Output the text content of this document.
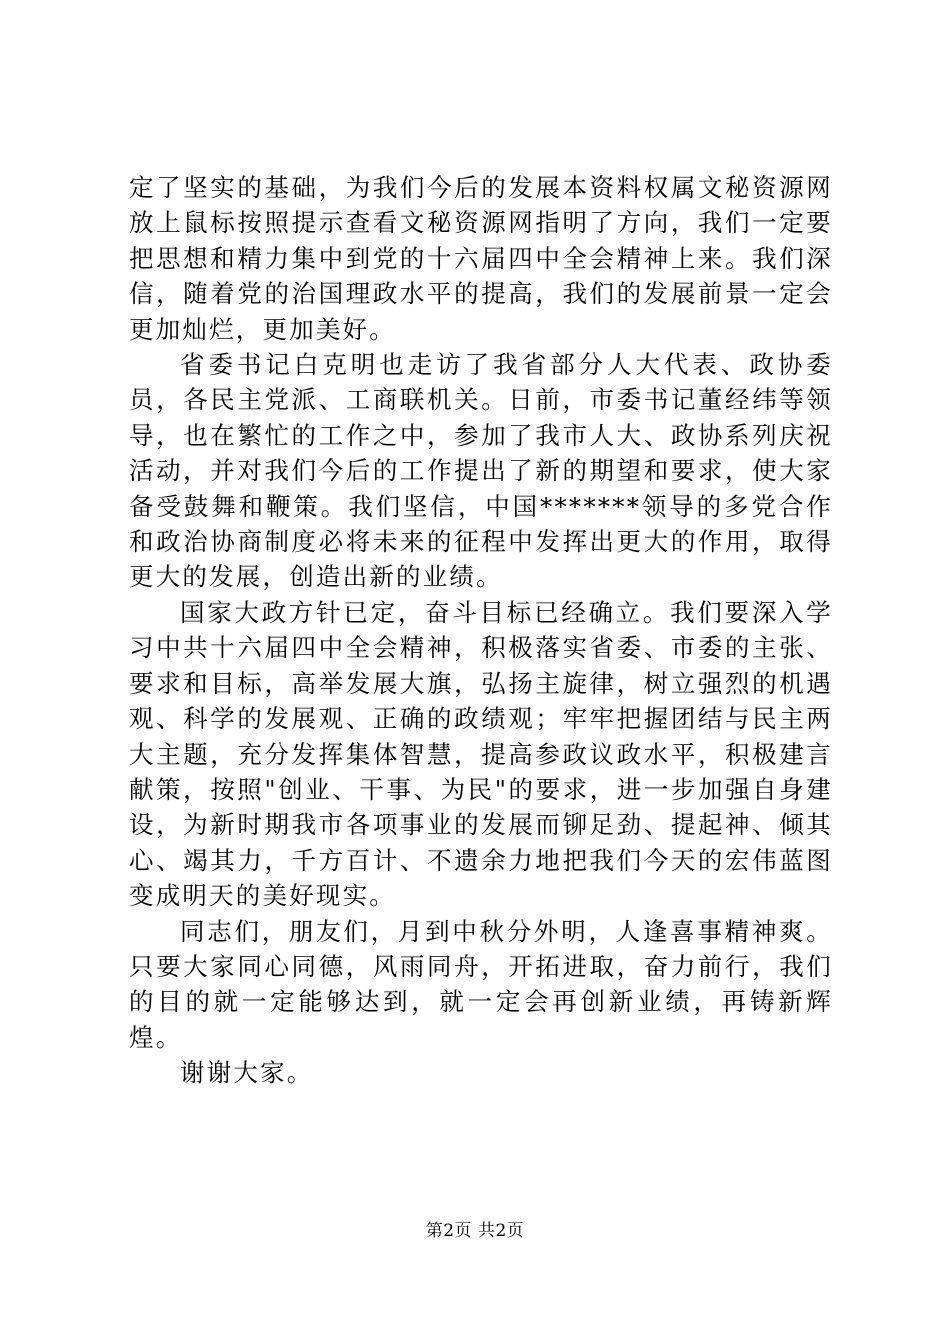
定了坚实的基础，为我们今后的发展本资料权属文秘资源网放上鼠标按照提示查看文秘资源网指明了方向，我们一定要把思想和精力集中到党的十六届四中全会精神上来。我们深信，随着党的治国理政水平的提高，我们的发展前景一定会更加灿烂，更加美好。

省委书记白克明也走访了我省部分人大代表、政协委员，各民主党派、工商联机关。日前，市委书记董经纬等领导，也在繁忙的工作之中，参加了我市人大、政协系列庆祝活动，并对我们今后的工作提出了新的期望和要求，使大家备受鼓舞和鞭策。我们坚信，中国*******领导的多党合作和政治协商制度必将未来的征程中发挥出更大的作用，取得更大的发展，创造出新的业绩。

国家大政方针已定，奋斗目标已经确立。我们要深入学习中共十六届四中全会精神，积极落实省委、市委的主张、要求和目标，高举发展大旗，弘扬主旋律，树立强烈的机遇观、科学的发展观、正确的政绩观；牢牢把握团结与民主两大主题，充分发挥集体智慧，提高参政议政水平，积极建言献策，按照"创业、干事、为民"的要求，进一步加强自身建设，为新时期我市各项事业的发展而铆足劲、提起神、倾其心、竭其力，千方百计、不遗余力地把我们今天的宏伟蓝图变成明天的美好现实。

同志们，朋友们，月到中秋分外明，人逢喜事精神爽。只要大家同心同德，风雨同舟，开拓进取，奋力前行，我们的目的就一定能够达到，就一定会再创新业绩，再铸新辉煌。

谢谢大家。

第2页 共2页
